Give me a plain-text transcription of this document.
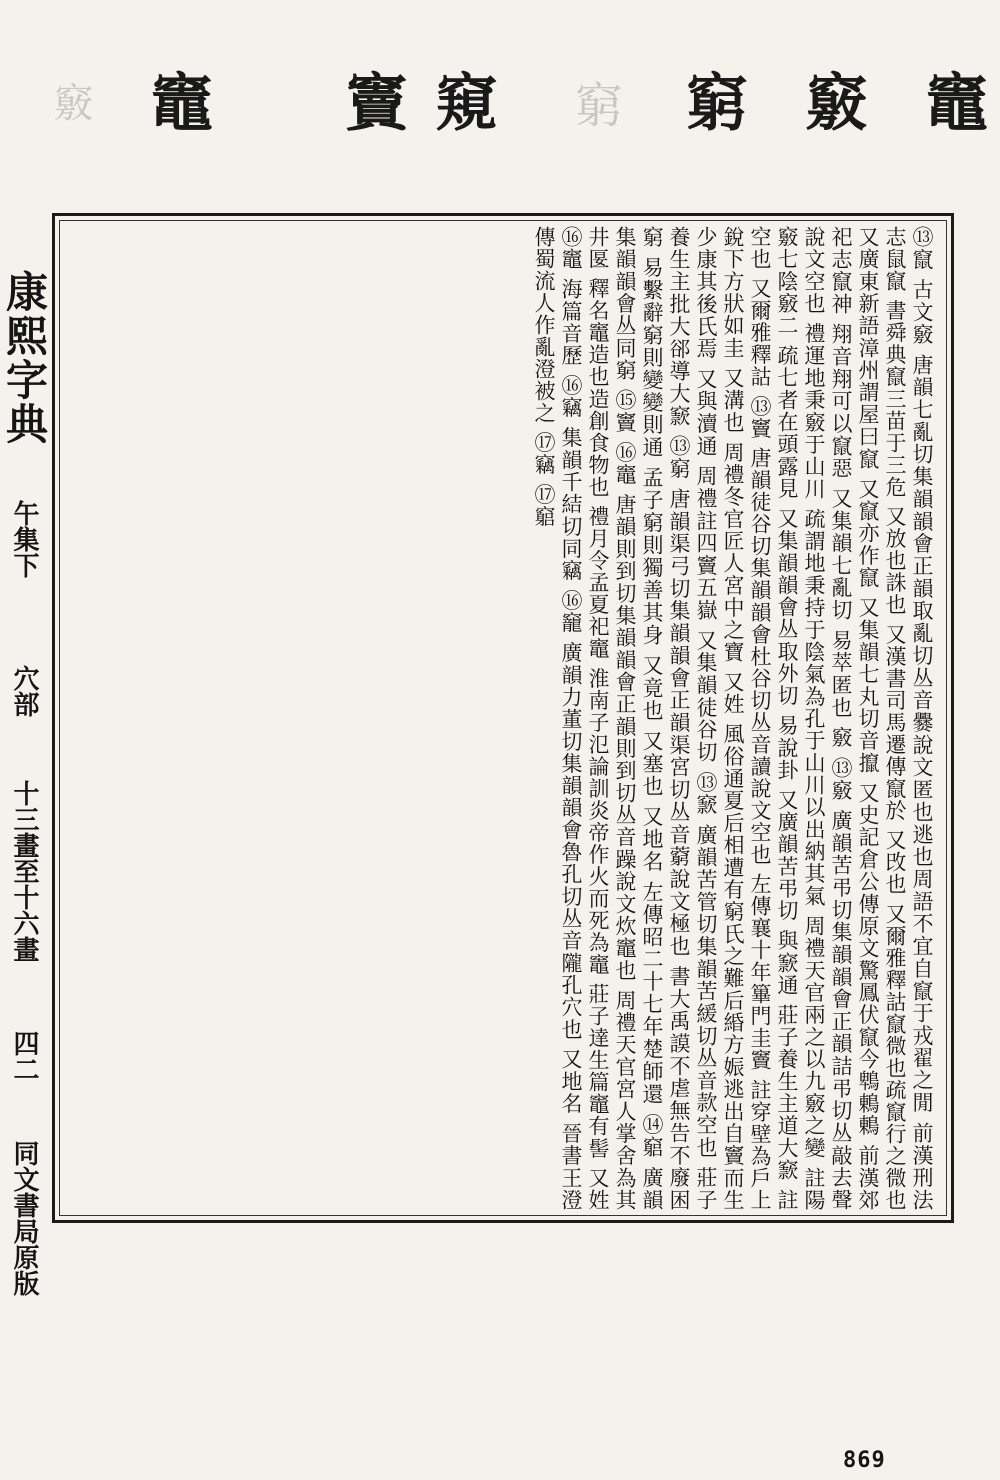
竈
竅
窮
窮
窺
竇
竈
竅
⑬竄 古文竅 唐韻七亂切集韻韻會正韻取亂切丛音爨說文匿也逃也周語不宜自竄于戎翟之閒 前漢刑法志鼠竄 書舜典竄三苗于三危 又放也誅也 又漢書司馬遷傳竄於 又攺也 又爾雅釋詁竄微也疏竄行之微也 又廣東新語漳州謂屋曰竄 又竄亦作竄 又集韻七丸切音攛 又史記倉公傳原文驚鳳伏竄今鵯鶇鶇 前漢郊祀志竄神 翔音翔可以竄惡 又集韻七亂切 易萃匿也 竅 ⑬竅 廣韻苦弔切集韻韻會正韻詰弔切丛敲去聲說文空也 禮運地秉竅于山川 疏謂地秉持于陰氣為孔于山川以出納其氣 周禮天官兩之以九竅之變 註陽竅七陰竅二 疏七者在頭露見 又集韻韻會丛取外切 易說卦 又廣韻苦弔切 與窾通 莊子養生主道大窾 註空也 又爾雅釋詁 ⑬竇 唐韻徒谷切集韻韻會杜谷切丛音讀說文空也 左傳襄十年篳門圭竇 註穿壁為戶上銳下方狀如圭 又溝也 周禮冬官匠人宮中之寶 又姓 風俗通夏后相遭有窮氏之難后緍方娠逃出自竇而生少康其後氏焉 又與瀆通 周禮註四竇五嶽 又集韻徒谷切 ⑬窾 廣韻苦管切集韻苦緩切丛音款空也 莊子養生主批大郤導大窾 ⑬窮 唐韻渠弓切集韻韻會正韻渠宮切丛音藭說文極也 書大禹謨不虐無告不廢困窮 易繫辭窮則變變則通 孟子窮則獨善其身 又竟也 又塞也 又地名 左傳昭二十七年楚師還 ⑭竆 廣韻集韻韻會丛同窮 ⑮竇 ⑯竈 唐韻則到切集韻韻會正韻則到切丛音躁說文炊竈也 周禮天官宮人掌舍為其井匽 釋名竈造也造創食物也 禮月令孟夏祀竈 淮南子氾論訓炎帝作火而死為竈 莊子達生篇竈有髻 又姓 ⑯竈 海篇音歷 ⑯竊 集韻千結切同竊 ⑯竉 廣韻力董切集韻韻會魯孔切丛音隴孔穴也 又地名 晉書王澄傳蜀流人作亂澄被之 ⑰竊 ⑰竆
康熙字典
午集下
穴部
十三畫至十六畫
四二
同文書局原版
869
